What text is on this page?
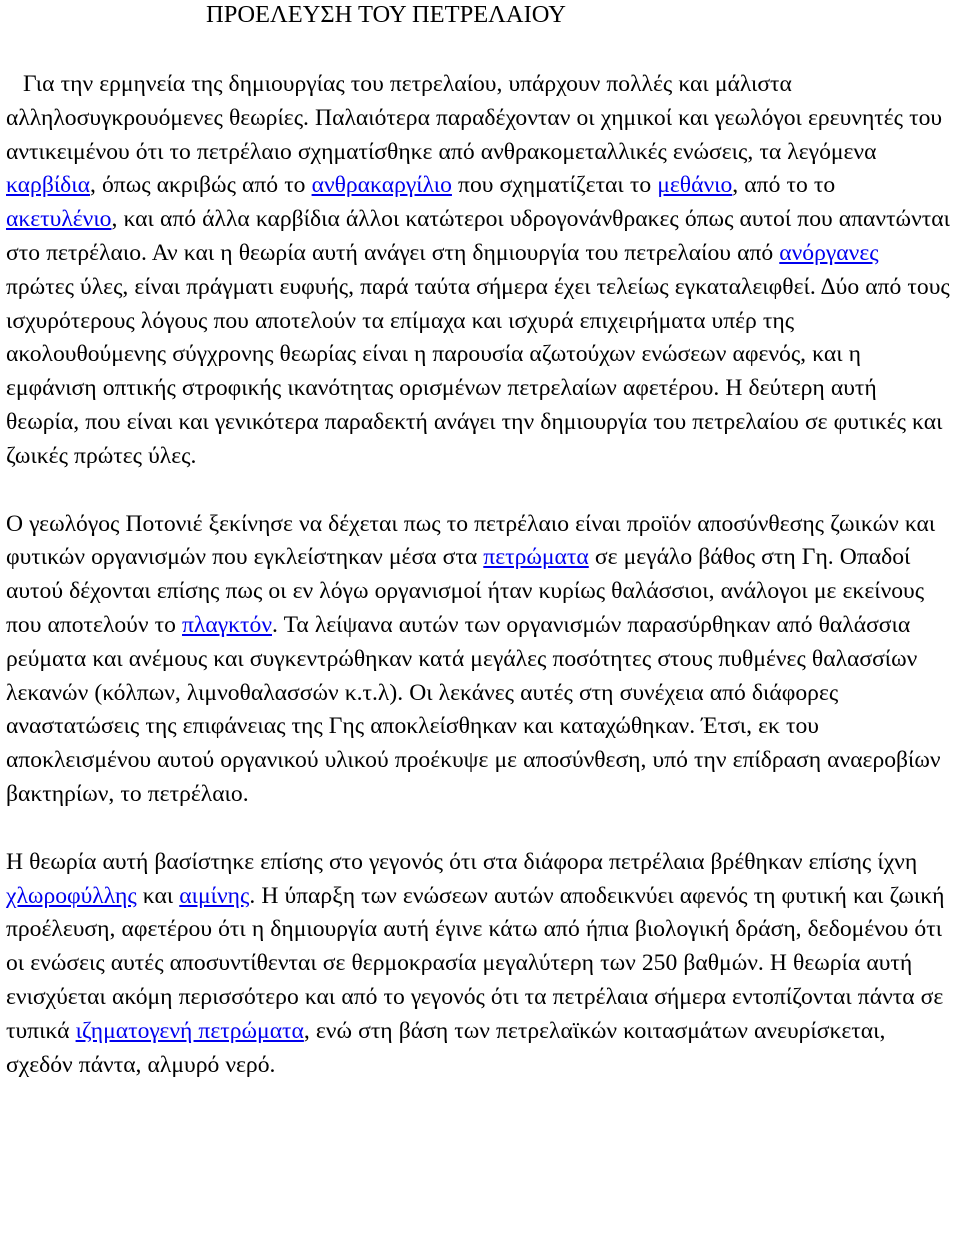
ΠΡΟΕΛΕΥΣΗ ΤΟΥ ΠΕΤΡΕΛΑΙΟΥ

Για την ερμηνεία της δημιουργίας του πετρελαίου, υπάρχουν πολλές και μάλιστα αλληλοσυγκρουόμενες θεωρίες. Παλαιότερα παραδέχονταν οι χημικοί και γεωλόγοι ερευνητές του αντικειμένου ότι το πετρέλαιο σχηματίσθηκε από ανθρακομεταλλικές ενώσεις, τα λεγόμενα καρβίδια, όπως ακριβώς από το ανθρακαργίλιο που σχηματίζεται το μεθάνιο, από το το ακετυλένιο, και από άλλα καρβίδια άλλοι κατώτεροι υδρογονάνθρακες όπως αυτοί που απαντώνται στο πετρέλαιο. Αν και η θεωρία αυτή ανάγει στη δημιουργία του πετρελαίου από ανόργανες πρώτες ύλες, είναι πράγματι ευφυής, παρά ταύτα σήμερα έχει τελείως εγκαταλειφθεί. Δύο από τους ισχυρότερους λόγους που αποτελούν τα επίμαχα και ισχυρά επιχειρήματα υπέρ της ακολουθούμενης σύγχρονης θεωρίας είναι η παρουσία αζωτούχων ενώσεων αφενός, και η εμφάνιση οπτικής στροφικής ικανότητας ορισμένων πετρελαίων αφετέρου. Η δεύτερη αυτή θεωρία, που είναι και γενικότερα παραδεκτή ανάγει την δημιουργία του πετρελαίου σε φυτικές και ζωικές πρώτες ύλες.

Ο γεωλόγος Ποτονιέ ξεκίνησε να δέχεται πως το πετρέλαιο είναι προϊόν αποσύνθεσης ζωικών και φυτικών οργανισμών που εγκλείστηκαν μέσα στα πετρώματα σε μεγάλο βάθος στη Γη. Οπαδοί αυτού δέχονται επίσης πως οι εν λόγω οργανισμοί ήταν κυρίως θαλάσσιοι, ανάλογοι με εκείνους που αποτελούν το πλαγκτόν. Τα λείψανα αυτών των οργανισμών παρασύρθηκαν από θαλάσσια ρεύματα και ανέμους και συγκεντρώθηκαν κατά μεγάλες ποσότητες στους πυθμένες θαλασσίων λεκανών (κόλπων, λιμνοθαλασσών κ.τ.λ). Οι λεκάνες αυτές στη συνέχεια από διάφορες αναστατώσεις της επιφάνειας της Γης αποκλείσθηκαν και καταχώθηκαν. Έτσι, εκ του αποκλεισμένου αυτού οργανικού υλικού προέκυψε με αποσύνθεση, υπό την επίδραση αναεροβίων βακτηρίων, το πετρέλαιο.

Η θεωρία αυτή βασίστηκε επίσης στο γεγονός ότι στα διάφορα πετρέλαια βρέθηκαν επίσης ίχνη χλωροφύλλης και αιμίνης. Η ύπαρξη των ενώσεων αυτών αποδεικνύει αφενός τη φυτική και ζωική προέλευση, αφετέρου ότι η δημιουργία αυτή έγινε κάτω από ήπια βιολογική δράση, δεδομένου ότι οι ενώσεις αυτές αποσυντίθενται σε θερμοκρασία μεγαλύτερη των 250 βαθμών. Η θεωρία αυτή ενισχύεται ακόμη περισσότερο και από το γεγονός ότι τα πετρέλαια σήμερα εντοπίζονται πάντα σε τυπικά ιζηματογενή πετρώματα, ενώ στη βάση των πετρελαϊκών κοιτασμάτων ανευρίσκεται, σχεδόν πάντα, αλμυρό νερό.
